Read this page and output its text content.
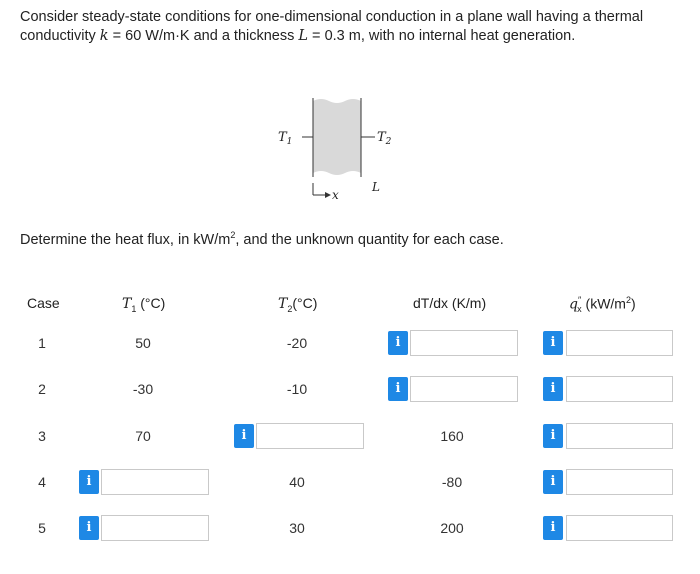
Consider steady-state conditions for one-dimensional conduction in a plane wall having a thermal
conductivity k = 60 W/m·K and a thickness L = 0.3 m, with no internal heat generation.
$T_1$	$T_2$
x
L
Determine the heat flux, in $kW/m^2$, and the unknown quantity for each case.
Case	$T_1$ (°C)	$T_2(^\circ C)$	dT/dx (K/m)	$q''_x$ $(kW/m^2)$
1	50	-20	i	i
2	-30	-10	i	i
3	70	i	160	i
4	i	40	-80	i
5	i	30	200	i
